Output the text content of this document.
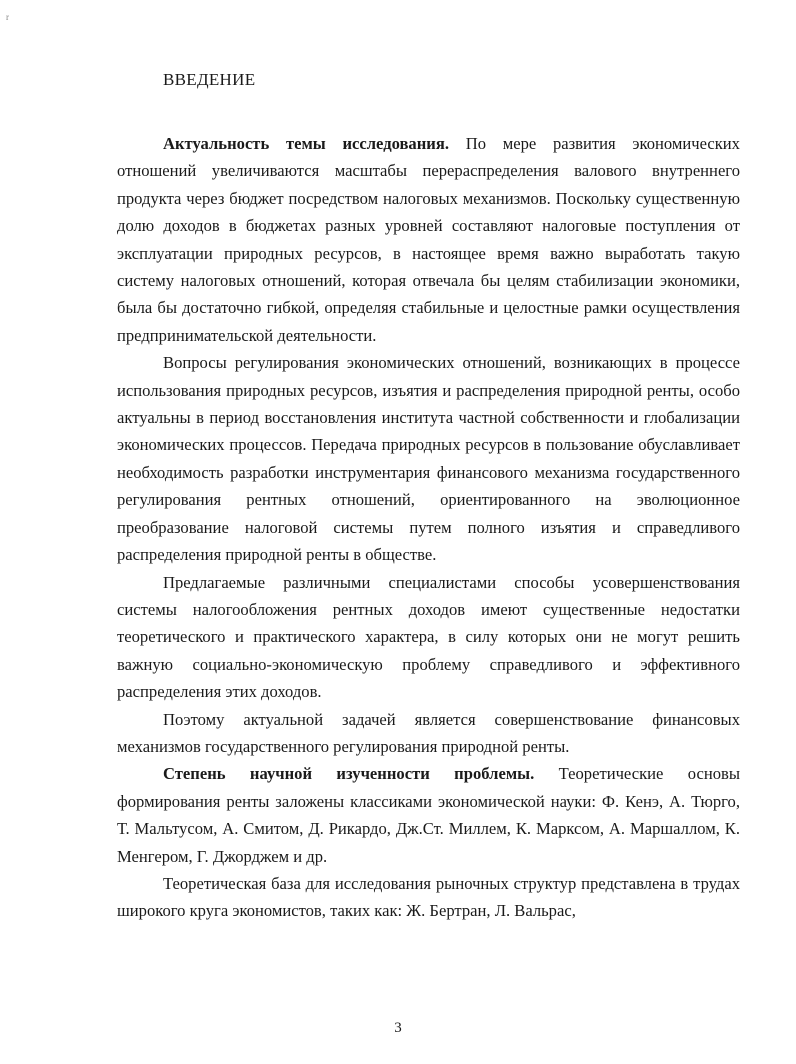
r
ВВЕДЕНИЕ

Актуальность темы исследования. По мере развития экономических отношений увеличиваются масштабы перераспределения валового внутреннего продукта через бюджет посредством налоговых механизмов. Поскольку существенную долю доходов в бюджетах разных уровней составляют налоговые поступления от эксплуатации природных ресурсов, в настоящее время важно выработать такую систему налоговых отношений, которая отвечала бы целям стабилизации экономики, была бы достаточно гибкой, определяя стабильные и целостные рамки осуществления предпринимательской деятельности.

Вопросы регулирования экономических отношений, возникающих в процессе использования природных ресурсов, изъятия и распределения природной ренты, особо актуальны в период восстановления института частной собственности и глобализации экономических процессов. Передача природных ресурсов в пользование обуславливает необходимость разработки инструментария финансового механизма государственного регулирования рентных отношений, ориентированного на эволюционное преобразование налоговой системы путем полного изъятия и справедливого распределения природной ренты в обществе.

Предлагаемые различными специалистами способы усовершенствования системы налогообложения рентных доходов имеют существенные недостатки теоретического и практического характера, в силу которых они не могут решить важную социально-экономическую проблему справедливого и эффективного распределения этих доходов.

Поэтому актуальной задачей является совершенствование финансовых механизмов государственного регулирования природной ренты.

Степень научной изученности проблемы. Теоретические основы формирования ренты заложены классиками экономической науки: Ф. Кенэ, А. Тюрго, Т. Мальтусом, А. Смитом, Д. Рикардо, Дж.Ст. Миллем, К. Марксом, А. Маршаллом, К. Менгером, Г. Джорджем и др.

Теоретическая база для исследования рыночных структур представлена в трудах широкого круга экономистов, таких как: Ж. Бертран, Л. Вальрас,

3
